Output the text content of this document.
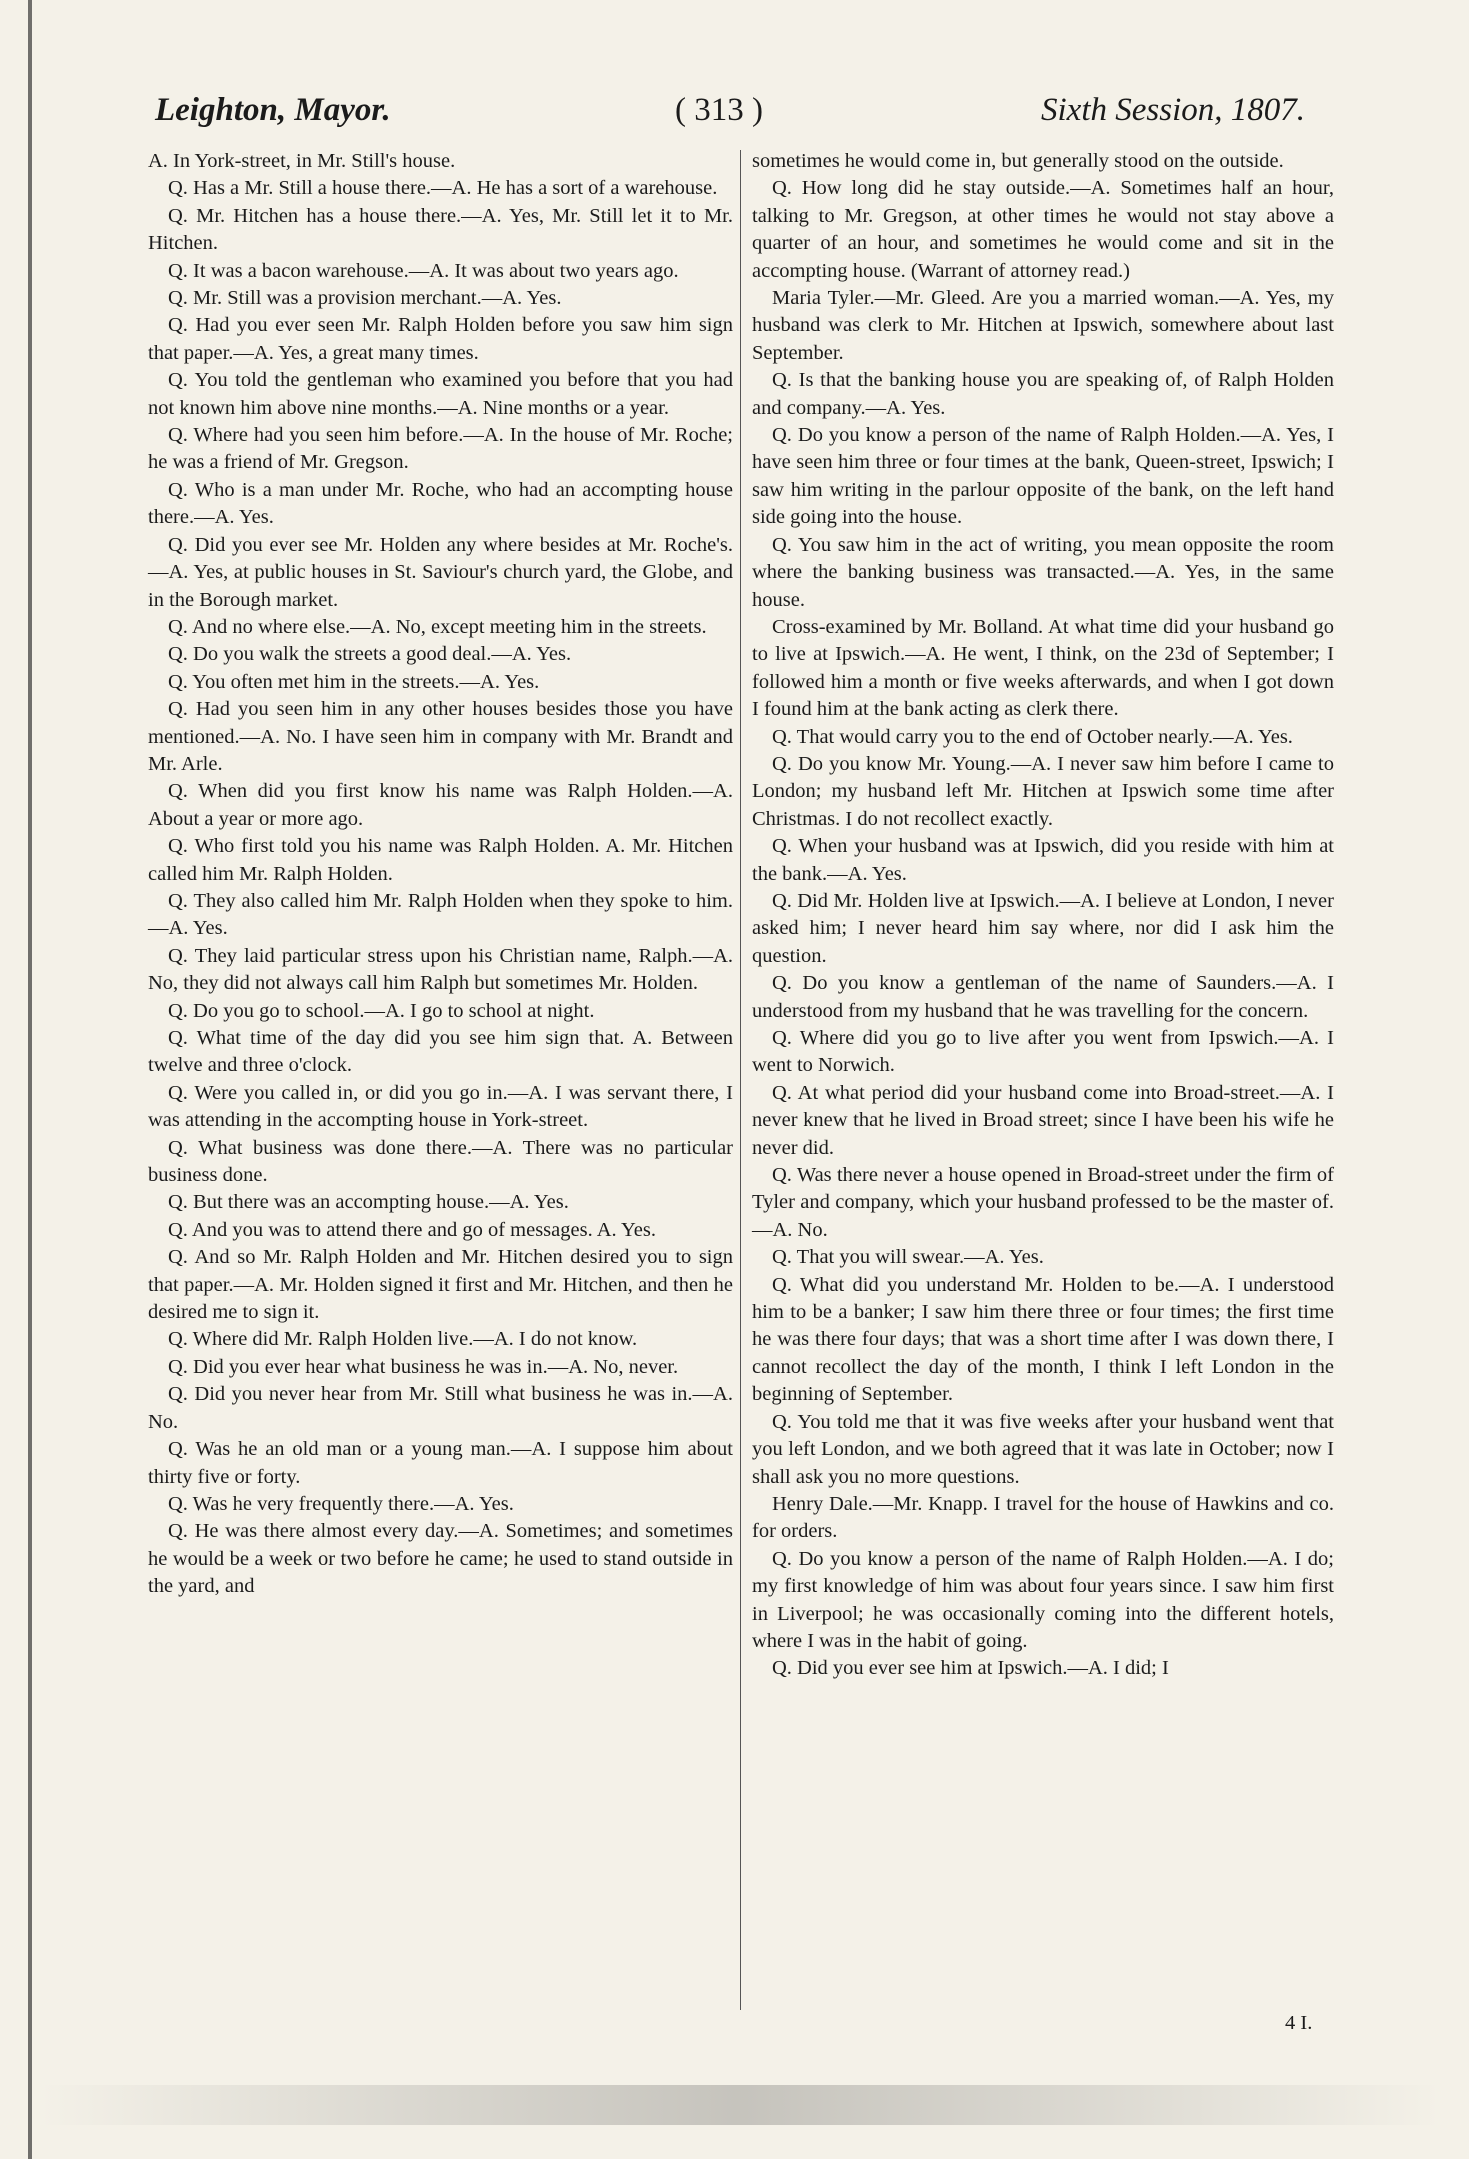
Leighton, Mayor.	( 313 )	Sixth Session, 1807.

A. In York-street, in Mr. Still's house.

Q. Has a Mr. Still a house there.—A. He has a sort of a warehouse.

Q. Mr. Hitchen has a house there.—A. Yes, Mr. Still let it to Mr. Hitchen.

Q. It was a bacon warehouse.—A. It was about two years ago.

Q. Mr. Still was a provision merchant.—A. Yes.

Q. Had you ever seen Mr. Ralph Holden before you saw him sign that paper.—A. Yes, a great many times.

Q. You told the gentleman who examined you before that you had not known him above nine months.—A. Nine months or a year.

Q. Where had you seen him before.—A. In the house of Mr. Roche; he was a friend of Mr. Gregson.

Q. Who is a man under Mr. Roche, who had an accompting house there.—A. Yes.

Q. Did you ever see Mr. Holden any where besides at Mr. Roche's.—A. Yes, at public houses in St. Saviour's church yard, the Globe, and in the Borough market.

Q. And no where else.—A. No, except meeting him in the streets.

Q. Do you walk the streets a good deal.—A. Yes.

Q. You often met him in the streets.—A. Yes.

Q. Had you seen him in any other houses besides those you have mentioned.—A. No. I have seen him in company with Mr. Brandt and Mr. Arle.

Q. When did you first know his name was Ralph Holden.—A. About a year or more ago.

Q. Who first told you his name was Ralph Holden. A. Mr. Hitchen called him Mr. Ralph Holden.

Q. They also called him Mr. Ralph Holden when they spoke to him.—A. Yes.

Q. They laid particular stress upon his Christian name, Ralph.—A. No, they did not always call him Ralph but sometimes Mr. Holden.

Q. Do you go to school.—A. I go to school at night.

Q. What time of the day did you see him sign that. A. Between twelve and three o'clock.

Q. Were you called in, or did you go in.—A. I was servant there, I was attending in the accompting house in York-street.

Q. What business was done there.—A. There was no particular business done.

Q. But there was an accompting house.—A. Yes.

Q. And you was to attend there and go of messages. A. Yes.

Q. And so Mr. Ralph Holden and Mr. Hitchen desired you to sign that paper.—A. Mr. Holden signed it first and Mr. Hitchen, and then he desired me to sign it.

Q. Where did Mr. Ralph Holden live.—A. I do not know.

Q. Did you ever hear what business he was in.—A. No, never.

Q. Did you never hear from Mr. Still what business he was in.—A. No.

Q. Was he an old man or a young man.—A. I suppose him about thirty five or forty.

Q. Was he very frequently there.—A. Yes.

Q. He was there almost every day.—A. Sometimes; and sometimes he would be a week or two before he came; he used to stand outside in the yard, and

sometimes he would come in, but generally stood on the outside.

Q. How long did he stay outside.—A. Sometimes half an hour, talking to Mr. Gregson, at other times he would not stay above a quarter of an hour, and sometimes he would come and sit in the accompting house. (Warrant of attorney read.)

Maria Tyler.—Mr. Gleed. Are you a married woman.—A. Yes, my husband was clerk to Mr. Hitchen at Ipswich, somewhere about last September.

Q. Is that the banking house you are speaking of, of Ralph Holden and company.—A. Yes.

Q. Do you know a person of the name of Ralph Holden.—A. Yes, I have seen him three or four times at the bank, Queen-street, Ipswich; I saw him writing in the parlour opposite of the bank, on the left hand side going into the house.

Q. You saw him in the act of writing, you mean opposite the room where the banking business was transacted.—A. Yes, in the same house.

Cross-examined by Mr. Bolland. At what time did your husband go to live at Ipswich.—A. He went, I think, on the 23d of September; I followed him a month or five weeks afterwards, and when I got down I found him at the bank acting as clerk there.

Q. That would carry you to the end of October nearly.—A. Yes.

Q. Do you know Mr. Young.—A. I never saw him before I came to London; my husband left Mr. Hitchen at Ipswich some time after Christmas. I do not recollect exactly.

Q. When your husband was at Ipswich, did you reside with him at the bank.—A. Yes.

Q. Did Mr. Holden live at Ipswich.—A. I believe at London, I never asked him; I never heard him say where, nor did I ask him the question.

Q. Do you know a gentleman of the name of Saunders.—A. I understood from my husband that he was travelling for the concern.

Q. Where did you go to live after you went from Ipswich.—A. I went to Norwich.

Q. At what period did your husband come into Broad-street.—A. I never knew that he lived in Broad street; since I have been his wife he never did.

Q. Was there never a house opened in Broad-street under the firm of Tyler and company, which your husband professed to be the master of.—A. No.

Q. That you will swear.—A. Yes.

Q. What did you understand Mr. Holden to be.—A. I understood him to be a banker; I saw him there three or four times; the first time he was there four days; that was a short time after I was down there, I cannot recollect the day of the month, I think I left London in the beginning of September.

Q. You told me that it was five weeks after your husband went that you left London, and we both agreed that it was late in October; now I shall ask you no more questions.

Henry Dale.—Mr. Knapp. I travel for the house of Hawkins and co. for orders.

Q. Do you know a person of the name of Ralph Holden.—A. I do; my first knowledge of him was about four years since. I saw him first in Liverpool; he was occasionally coming into the different hotels, where I was in the habit of going.

Q. Did you ever see him at Ipswich.—A. I did; I

4 I.
